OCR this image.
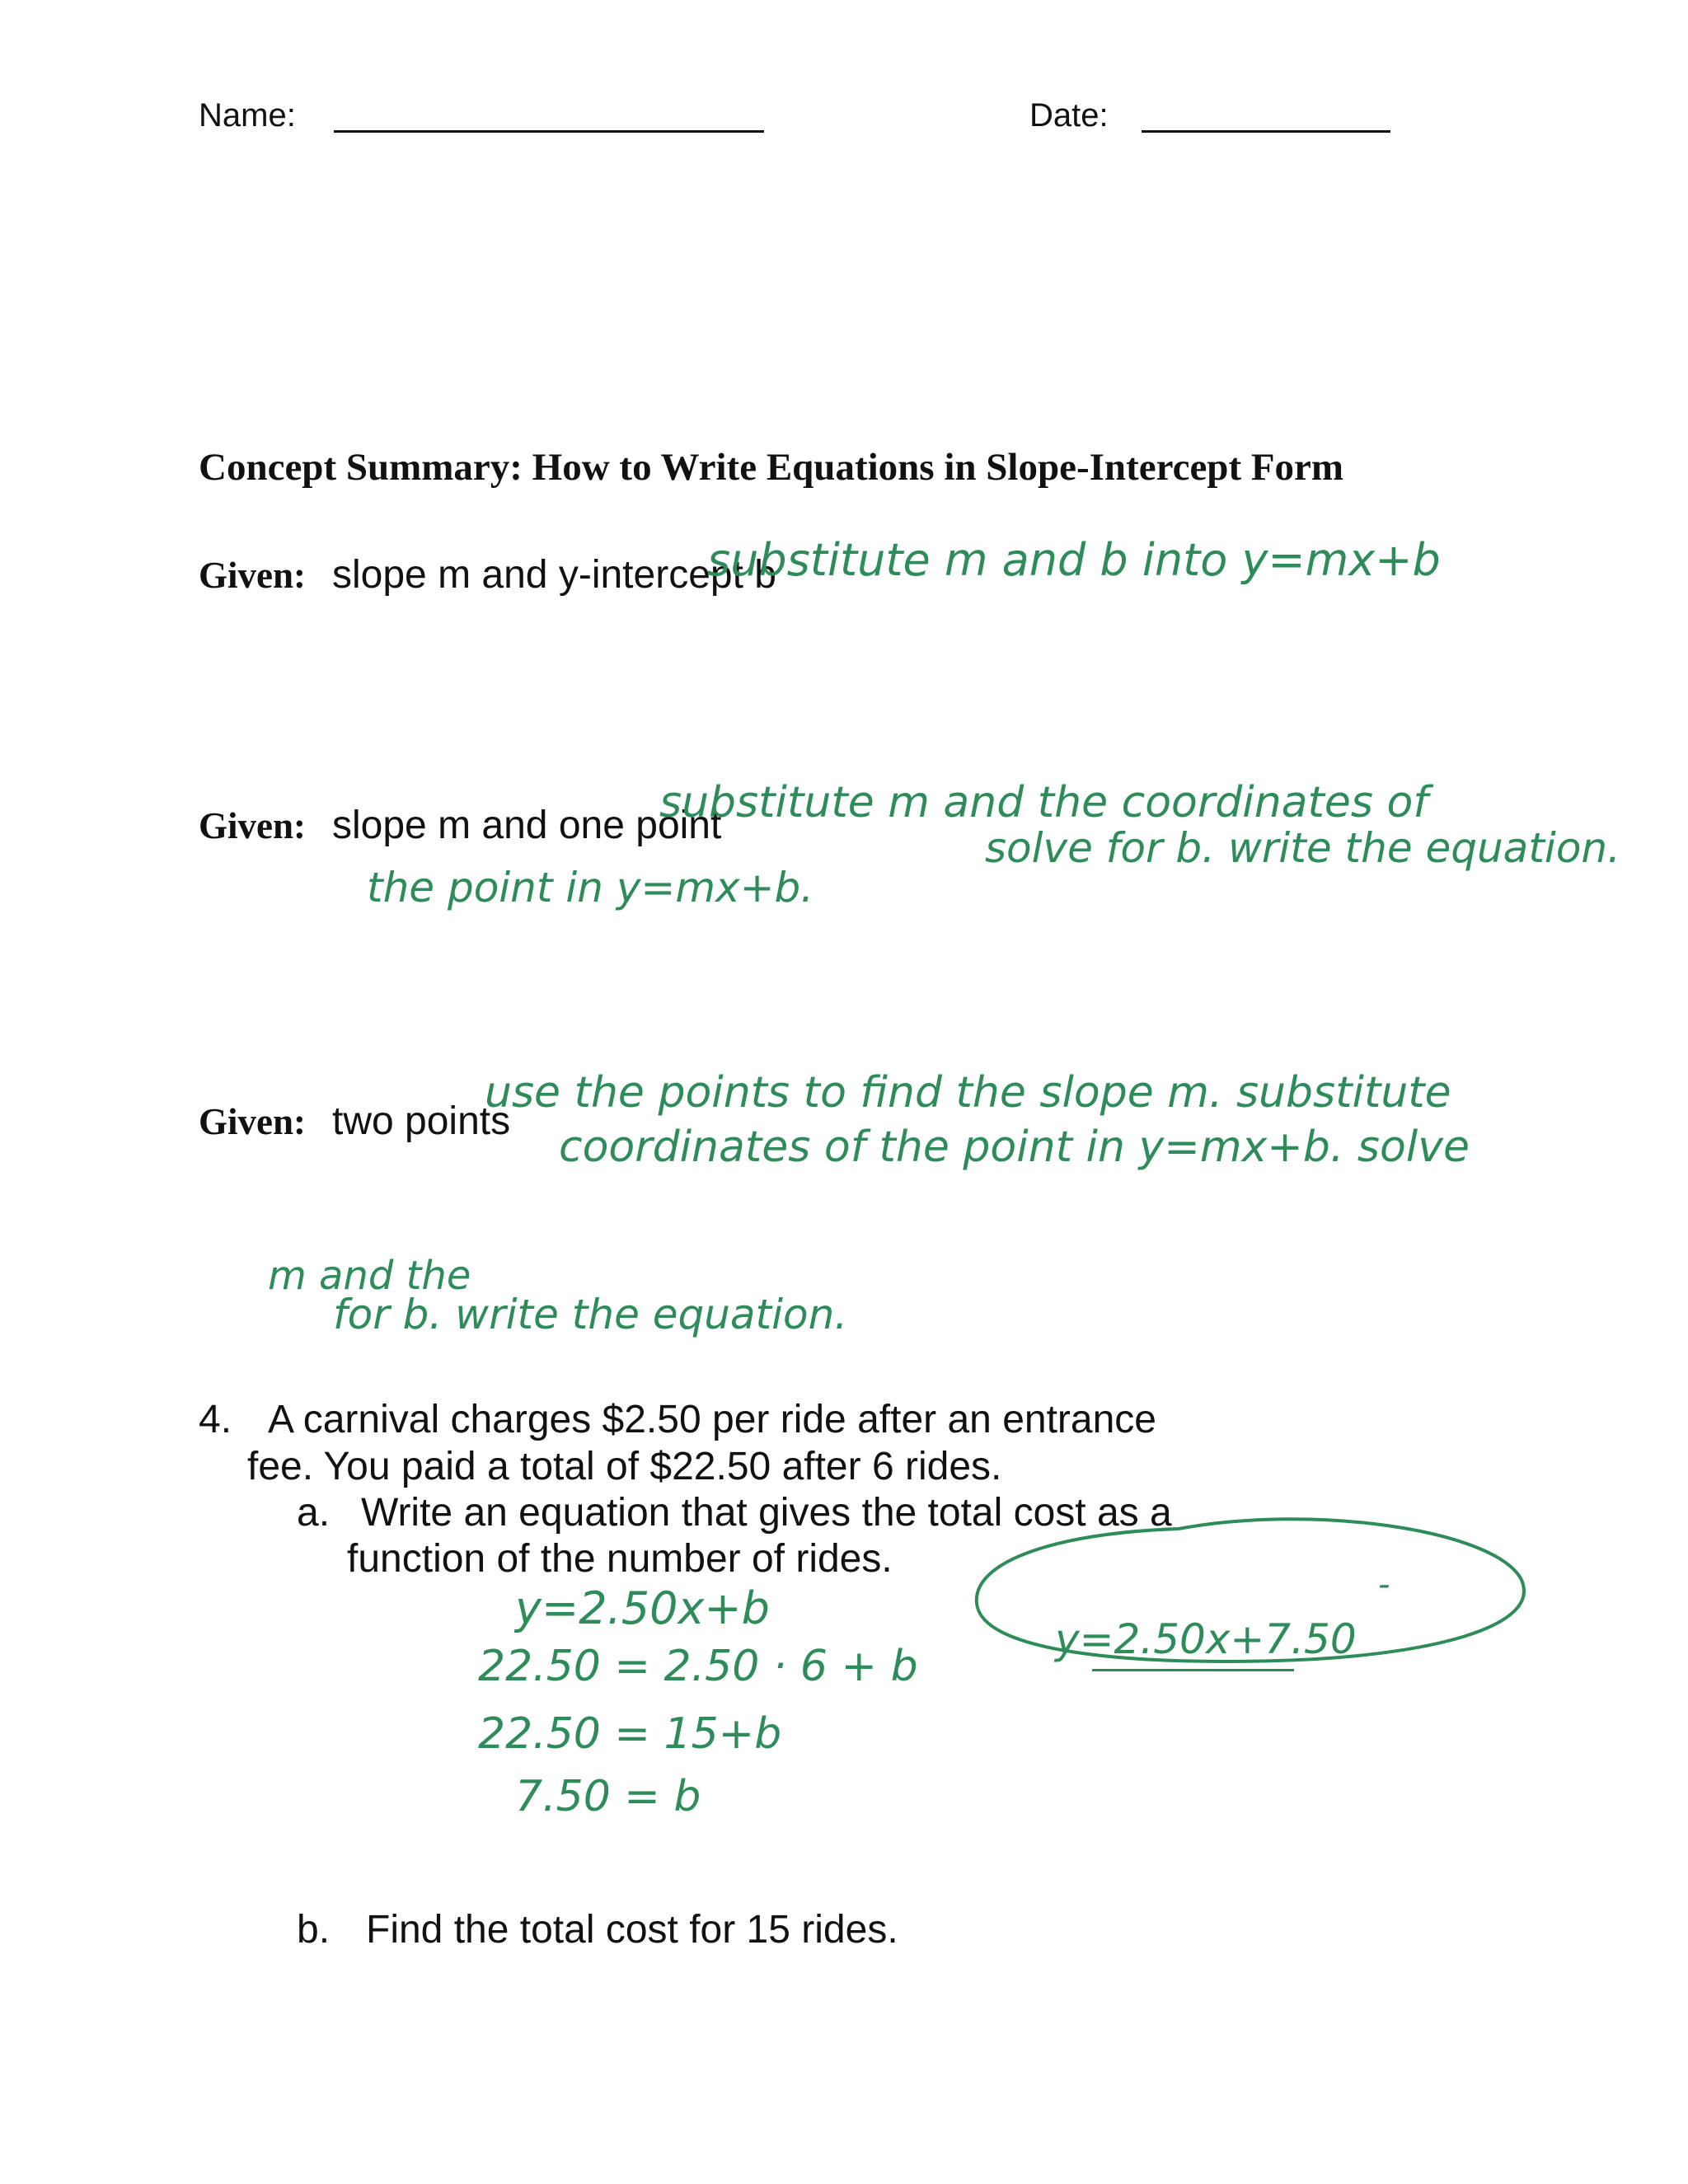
Name:	Date:
Concept Summary: How to Write Equations in Slope-Intercept Form
Given: slope m and y-intercept b
substitute m and b into y=mx+b
Given: slope m and one point
substitute m and the coordinates of
solve for b. write the equation.
the point in y=mx+b.
Given: two points
use the points to find the slope m. substitute
coordinates of the point in y=mx+b. solve
m and the
for b. write the equation.
4. A carnival charges $2.50 per ride after an entrance
fee. You paid a total of $22.50 after 6 rides.
a. Write an equation that gives the total cost as a
function of the number of rides.
y=2.50x+b
22.50 = 2.50 · 6 + b
22.50 = 15+b
7.50 = b
y=2.50x+7.50
-
b. Find the total cost for 15 rides.
